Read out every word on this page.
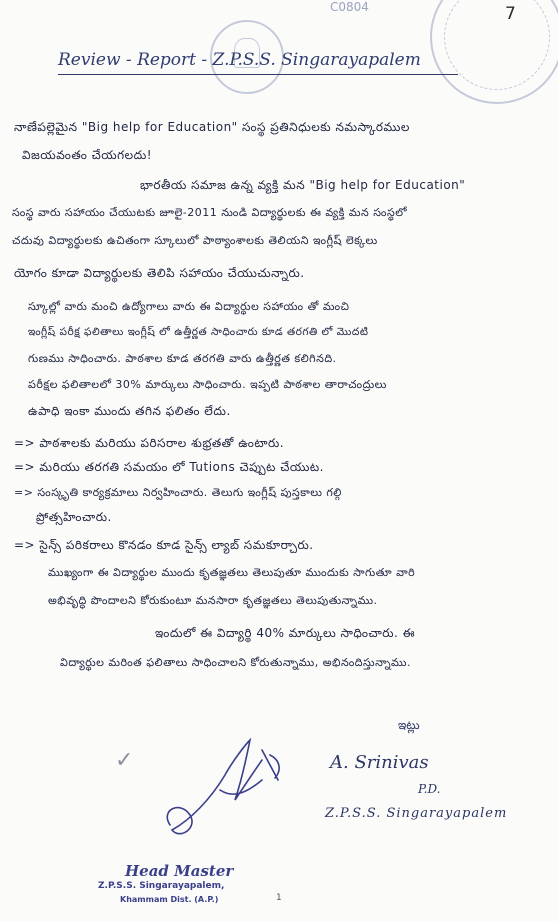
C0804	7
Review - Report - Z.P.S.S. Singarayapalem
నాణేపల్లెమైన "Big help for Education" సంస్థ ప్రతినిధులకు నమస్కారముల
విజయవంతం చేయగలదు!
భారతీయ సమాజ ఉన్న వ్యక్తి మన "Big help for Education"
సంస్థ వారు సహాయం చేయుటకు జూలై-2011 నుండి విద్యార్థులకు ఈ వ్యక్తి మన సంస్థలో
చదువు విద్యార్థులకు ఉచితంగా స్కూలులో పాఠ్యాంశాలకు తెలియని ఇంగ్లీష్ లెక్కలు
యోగం కూడా విద్యార్థులకు తెలిపి సహాయం చేయుచున్నారు.
స్కూల్లో వారు మంచి ఉద్యోగాలు వారు ఈ విద్యార్థుల సహాయం తో మంచి
ఇంగ్లీష్ పరీక్ష ఫలితాలు ఇంగ్లీష్ లో ఉత్తీర్ణత సాధించారు కూడ తరగతి లో మొదటి
గుణము సాధించారు. పాఠశాల కూడ తరగతి వారు ఉత్తీర్ణత కలిగినది.
పరీక్షల ఫలితాలలో 30% మార్కులు సాధించారు. ఇప్పటి పాఠశాల తారాచంద్రులు
ఉపాధి ఇంకా ముందు తగిన ఫలితం లేదు.
=> పాఠశాలకు మరియు పరిసరాల శుభ్రతతో ఉంటారు.
=> మరియు తరగతి సమయం లో Tutions చెప్పుట చేయుట.
=> సంస్కృతి కార్యక్రమాలు నిర్వహించారు. తెలుగు ఇంగ్లీష్ పుస్తకాలు గల్గి
ప్రోత్సహించారు.
=> సైన్స్ పరికరాలు కొనడం కూడ సైన్స్ ల్యాబ్ సమకూర్చారు.
ముఖ్యంగా ఈ విద్యార్థుల ముందు కృతజ్ఞతలు తెలుపుతూ ముందుకు సాగుతూ వారి
అభివృద్ధి పొందాలని కోరుకుంటూ మనసారా కృతజ్ఞతలు తెలుపుతున్నాము.
ఇందులో ఈ విద్యార్థి 40% మార్కులు సాధించారు. ఈ
విద్యార్థుల మరింత ఫలితాలు సాధించాలని కోరుతున్నాము, అభినందిస్తున్నాము.
ఇట్లు
A. Srinivas
P.D.
Z.P.S.S. Singarayapalem
✓
Head Master
Z.P.S.S. Singarayapalem,
Khammam Dist. (A.P.)	1
